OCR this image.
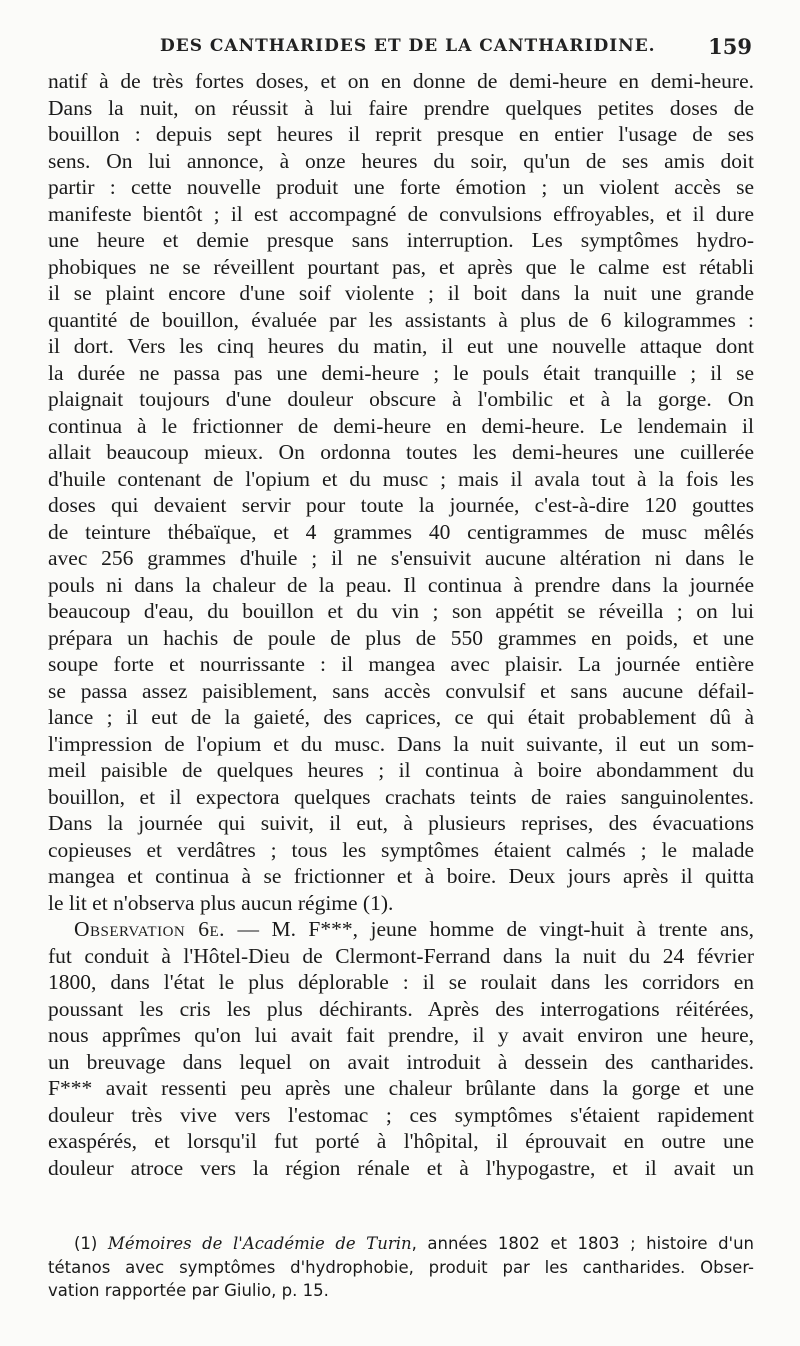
DES CANTHARIDES ET DE LA CANTHARIDINE.	159
natif à de très fortes doses, et on en donne de demi-heure en demi-heure.
Dans la nuit, on réussit à lui faire prendre quelques petites doses de
bouillon : depuis sept heures il reprit presque en entier l'usage de ses
sens. On lui annonce, à onze heures du soir, qu'un de ses amis doit
partir : cette nouvelle produit une forte émotion ; un violent accès se
manifeste bientôt ; il est accompagné de convulsions effroyables, et il dure
une heure et demie presque sans interruption. Les symptômes hydro-
phobiques ne se réveillent pourtant pas, et après que le calme est rétabli
il se plaint encore d'une soif violente ; il boit dans la nuit une grande
quantité de bouillon, évaluée par les assistants à plus de 6 kilogrammes :
il dort. Vers les cinq heures du matin, il eut une nouvelle attaque dont
la durée ne passa pas une demi-heure ; le pouls était tranquille ; il se
plaignait toujours d'une douleur obscure à l'ombilic et à la gorge. On
continua à le frictionner de demi-heure en demi-heure. Le lendemain il
allait beaucoup mieux. On ordonna toutes les demi-heures une cuillerée
d'huile contenant de l'opium et du musc ; mais il avala tout à la fois les
doses qui devaient servir pour toute la journée, c'est-à-dire 120 gouttes
de teinture thébaïque, et 4 grammes 40 centigrammes de musc mêlés
avec 256 grammes d'huile ; il ne s'ensuivit aucune altération ni dans le
pouls ni dans la chaleur de la peau. Il continua à prendre dans la journée
beaucoup d'eau, du bouillon et du vin ; son appétit se réveilla ; on lui
prépara un hachis de poule de plus de 550 grammes en poids, et une
soupe forte et nourrissante : il mangea avec plaisir. La journée entière
se passa assez paisiblement, sans accès convulsif et sans aucune défail-
lance ; il eut de la gaieté, des caprices, ce qui était probablement dû à
l'impression de l'opium et du musc. Dans la nuit suivante, il eut un som-
meil paisible de quelques heures ; il continua à boire abondamment du
bouillon, et il expectora quelques crachats teints de raies sanguinolentes.
Dans la journée qui suivit, il eut, à plusieurs reprises, des évacuations
copieuses et verdâtres ; tous les symptômes étaient calmés ; le malade
mangea et continua à se frictionner et à boire. Deux jours après il quitta
le lit et n'observa plus aucun régime (1).
Observation 6e. — M. F***, jeune homme de vingt-huit à trente ans,
fut conduit à l'Hôtel-Dieu de Clermont-Ferrand dans la nuit du 24 février
1800, dans l'état le plus déplorable : il se roulait dans les corridors en
poussant les cris les plus déchirants. Après des interrogations réitérées,
nous apprîmes qu'on lui avait fait prendre, il y avait environ une heure,
un breuvage dans lequel on avait introduit à dessein des cantharides.
F*** avait ressenti peu après une chaleur brûlante dans la gorge et une
douleur très vive vers l'estomac ; ces symptômes s'étaient rapidement
exaspérés, et lorsqu'il fut porté à l'hôpital, il éprouvait en outre une
douleur atroce vers la région rénale et à l'hypogastre, et il avait un
(1) Mémoires de l'Académie de Turin, années 1802 et 1803 ; histoire d'un
tétanos avec symptômes d'hydrophobie, produit par les cantharides. Obser-
vation rapportée par Giulio, p. 15.
